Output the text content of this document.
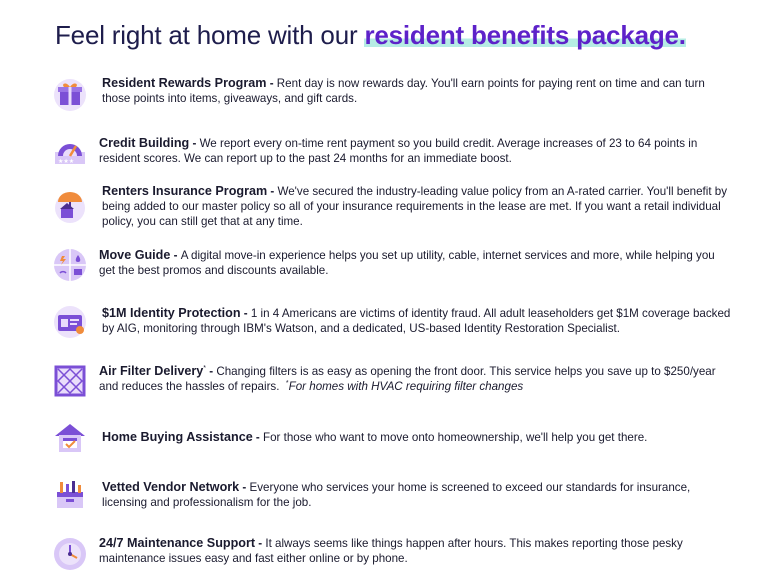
Feel right at home with our resident benefits package.
Resident Rewards Program - Rent day is now rewards day. You'll earn points for paying rent on time and can turn those points into items, giveaways, and gift cards.
★★★
Credit Building - We report every on-time rent payment so you build credit. Average increases of 23 to 64 points in resident scores. We can report up to the past 24 months for an immediate boost.
Renters Insurance Program - We've secured the industry-leading value policy from an A-rated carrier. You'll benefit by being added to our master policy so all of your insurance requirements in the lease are met. If you want a retail individual policy, you can still get that at any time.
Move Guide - A digital move-in experience helps you set up utility, cable, internet services and more, while helping you get the best promos and discounts available.
$1M Identity Protection - 1 in 4 Americans are victims of identity fraud. All adult leaseholders get $1M coverage backed by AIG, monitoring through IBM's Watson, and a dedicated, US-based Identity Restoration Specialist.
Air Filter Delivery* - Changing filters is as easy as opening the front door. This service helps you save up to $250/year and reduces the hassles of repairs. *For homes with HVAC requiring filter changes
Home Buying Assistance - For those who want to move onto homeownership, we'll help you get there.
Vetted Vendor Network - Everyone who services your home is screened to exceed our standards for insurance, licensing and professionalism for the job.
24/7 Maintenance Support - It always seems like things happen after hours. This makes reporting those pesky maintenance issues easy and fast either online or by phone.
